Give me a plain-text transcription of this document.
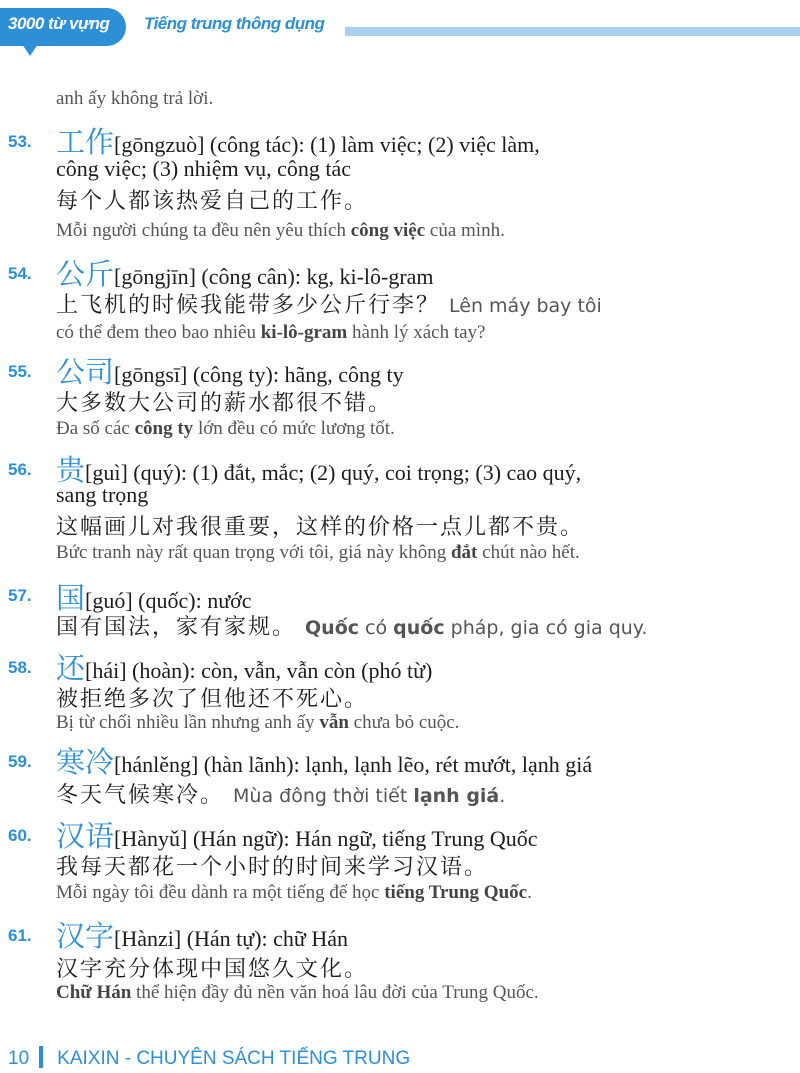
3000 từ vựng Tiếng trung thông dụng
anh ấy không trả lời.
53. 工作[gōngzuò] (công tác): (1) làm việc; (2) việc làm,
công việc; (3) nhiệm vụ, công tác
每个人都该热爱自己的工作。
Mỗi người chúng ta đều nên yêu thích công việc của mình.
54. 公斤[gōngjīn] (công cân): kg, ki-lô-gram
上飞机的时候我能带多少公斤行李？ Lên máy bay tôi
có thể đem theo bao nhiêu ki-lô-gram hành lý xách tay?
55. 公司[gōngsī] (công ty): hãng, công ty
大多数大公司的薪水都很不错。
Đa số các công ty lớn đều có mức lương tốt.
56. 贵[guì] (quý): (1) đắt, mắc; (2) quý, coi trọng; (3) cao quý,
sang trọng
这幅画儿对我很重要，这样的价格一点儿都不贵。
Bức tranh này rất quan trọng với tôi, giá này không đắt chút nào hết.
57. 国[guó] (quốc): nước
国有国法，家有家规。 Quốc có quốc pháp, gia có gia quy.
58. 还[hái] (hoàn): còn, vẫn, vẫn còn (phó từ)
被拒绝多次了但他还不死心。
Bị từ chối nhiều lần nhưng anh ấy vẫn chưa bỏ cuộc.
59. 寒冷[hánlěng] (hàn lãnh): lạnh, lạnh lẽo, rét mướt, lạnh giá
冬天气候寒冷。 Mùa đông thời tiết lạnh giá.
60. 汉语[Hànyǔ] (Hán ngữ): Hán ngữ, tiếng Trung Quốc
我每天都花一个小时的时间来学习汉语。
Mỗi ngày tôi đều dành ra một tiếng để học tiếng Trung Quốc.
61. 汉字[Hànzi] (Hán tự): chữ Hán
汉字充分体现中国悠久文化。
Chữ Hán thể hiện đầy đủ nền văn hoá lâu đời của Trung Quốc.
10 KAIXIN - CHUYÊN SÁCH TIẾNG TRUNG
